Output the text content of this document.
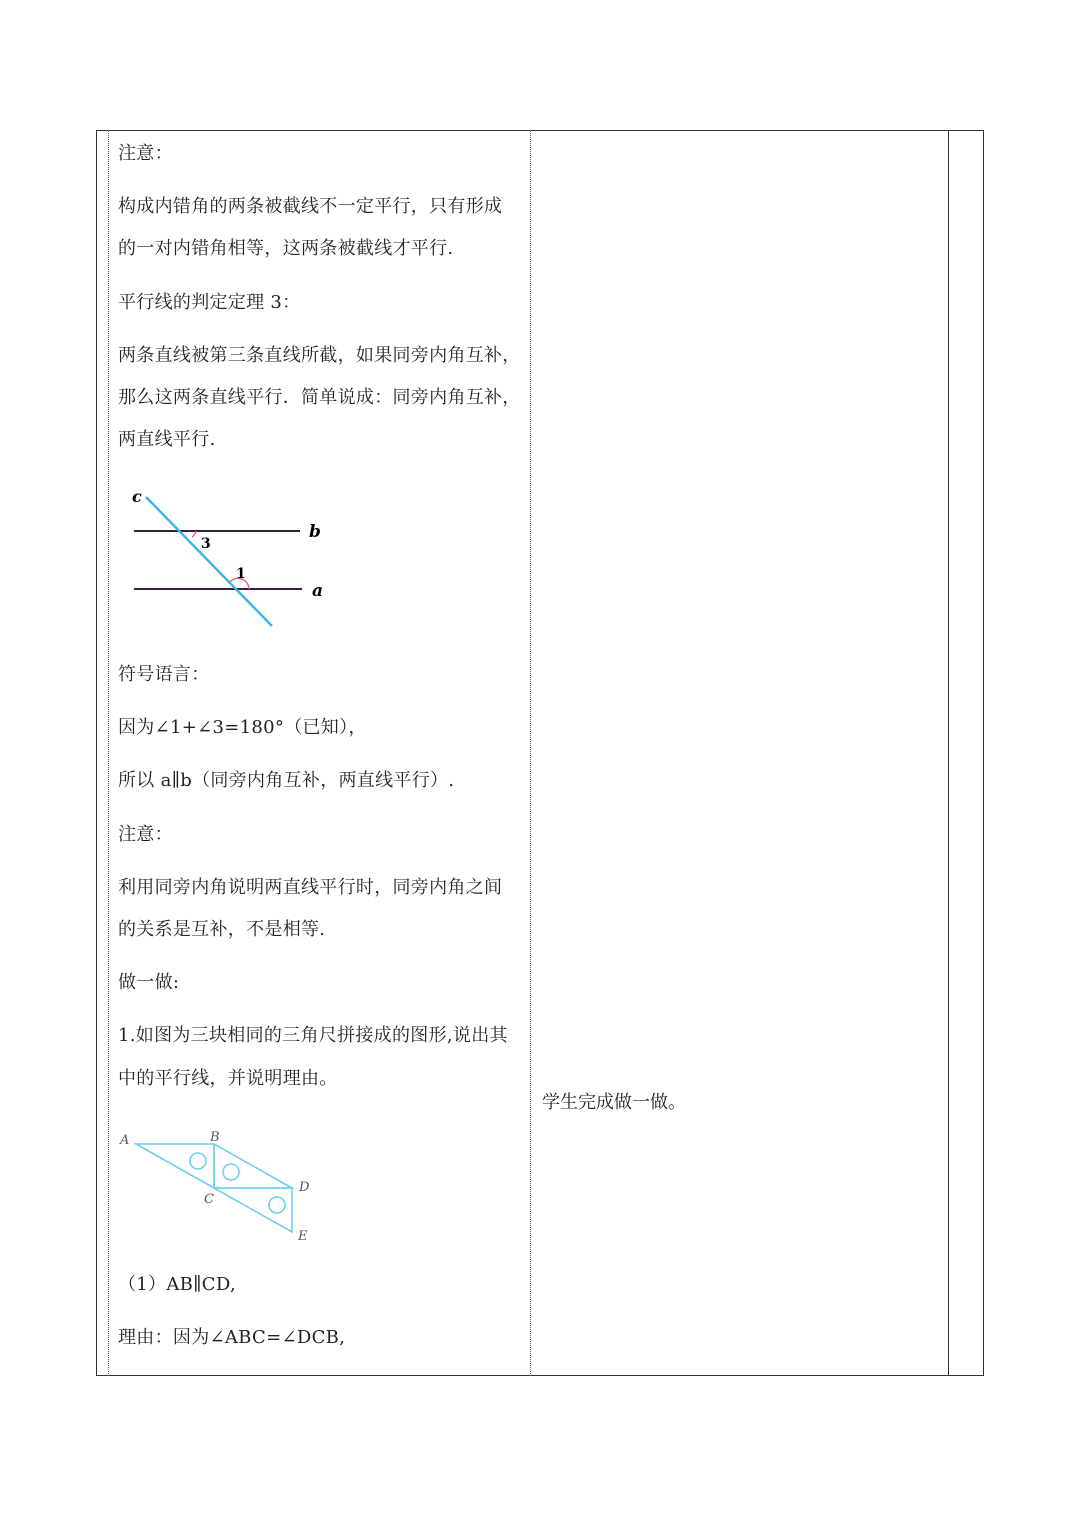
注意：
构成内错角的两条被截线不一定平行，只有形成
的一对内错角相等，这两条被截线才平行.
平行线的判定定理 3：
两条直线被第三条直线所截，如果同旁内角互补，
那么这两条直线平行．简单说成：同旁内角互补，
两直线平行.
符号语言：
因为∠1+∠3=180°（已知），
所以 a∥b（同旁内角互补，两直线平行）.
注意：
利用同旁内角说明两直线平行时，同旁内角之间
的关系是互补，不是相等.
做一做:
1.如图为三块相同的三角尺拼接成的图形,说出其
中的平行线，并说明理由。
（1）AB∥CD,
理由：因为∠ABC=∠DCB,
c
b
a
3
1
A	B
C
D
E
学生完成做一做。
